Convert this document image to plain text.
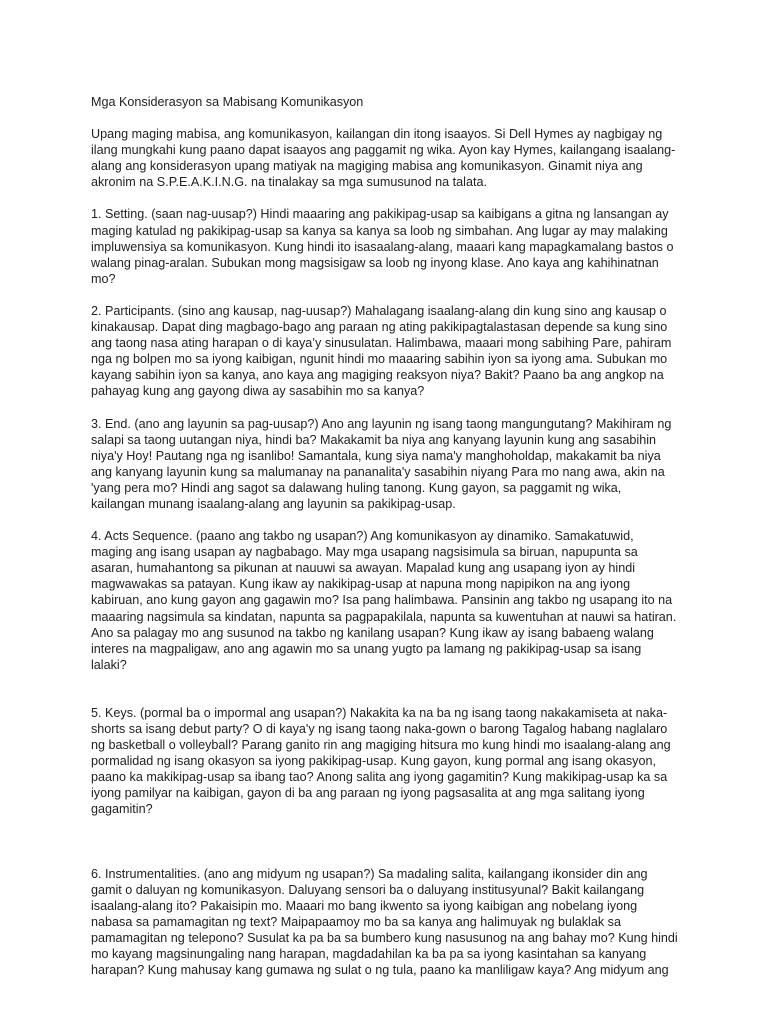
Mga Konsiderasyon sa Mabisang Komunikasyon

Upang maging mabisa, ang komunikasyon, kailangan din itong isaayos. Si Dell Hymes ay nagbigay ng ilang mungkahi kung paano dapat isaayos ang paggamit ng wika. Ayon kay Hymes, kailangang isaalang-alang ang konsiderasyon upang matiyak na magiging mabisa ang komunikasyon. Ginamit niya ang akronim na S.P.E.A.K.I.N.G. na tinalakay sa mga sumusunod na talata.

1. Setting. (saan nag-uusap?) Hindi maaaring ang pakikipag-usap sa kaibigans a gitna ng lansangan ay maging katulad ng pakikipag-usap sa kanya sa kanya sa loob ng simbahan. Ang lugar ay may malaking impluwensiya sa komunikasyon. Kung hindi ito isasaalang-alang, maaari kang mapagkamalang bastos o walang pinag-aralan. Subukan mong magsisigaw sa loob ng inyong klase. Ano kaya ang kahihinatnan mo?

2. Participants. (sino ang kausap, nag-uusap?) Mahalagang isaalang-alang din kung sino ang kausap o kinakausap. Dapat ding magbago-bago ang paraan ng ating pakikipagtalastasan depende sa kung sino ang taong nasa ating harapan o di kaya’y sinusulatan. Halimbawa, maaari mong sabihing Pare, pahiram nga ng bolpen mo sa iyong kaibigan, ngunit hindi mo maaaring sabihin iyon sa iyong ama. Subukan mo kayang sabihin iyon sa kanya, ano kaya ang magiging reaksyon niya? Bakit? Paano ba ang angkop na pahayag kung ang gayong diwa ay sasabihin mo sa kanya?

3. End. (ano ang layunin sa pag-uusap?) Ano ang layunin ng isang taong mangungutang? Makihiram ng salapi sa taong uutangan niya, hindi ba? Makakamit ba niya ang kanyang layunin kung ang sasabihin niya'y Hoy! Pautang nga ng isanlibo! Samantala, kung siya nama'y manghoholdap, makakamit ba niya ang kanyang layunin kung sa malumanay na pananalita'y sasabihin niyang Para mo nang awa, akin na 'yang pera mo? Hindi ang sagot sa dalawang huling tanong. Kung gayon, sa paggamit ng wika, kailangan munang isaalang-alang ang layunin sa pakikipag-usap.

4. Acts Sequence. (paano ang takbo ng usapan?) Ang komunikasyon ay dinamiko. Samakatuwid, maging ang isang usapan ay nagbabago. May mga usapang nagsisimula sa biruan, napupunta sa asaran, humahantong sa pikunan at nauuwi sa awayan. Mapalad kung ang usapang iyon ay hindi magwawakas sa patayan. Kung ikaw ay nakikipag-usap at napuna mong napipikon na ang iyong kabiruan, ano kung gayon ang gagawin mo? Isa pang halimbawa. Pansinin ang takbo ng usapang ito na maaaring nagsimula sa kindatan, napunta sa pagpapakilala, napunta sa kuwentuhan at nauwi sa hatiran. Ano sa palagay mo ang susunod na takbo ng kanilang usapan? Kung ikaw ay isang babaeng walang interes na magpaligaw, ano ang agawin mo sa unang yugto pa lamang ng pakikipag-usap sa isang lalaki?

5. Keys. (pormal ba o impormal ang usapan?) Nakakita ka na ba ng isang taong nakakamiseta at naka-shorts sa isang debut party? O di kaya'y ng isang taong naka-gown o barong Tagalog habang naglalaro ng basketball o volleyball? Parang ganito rin ang magiging hitsura mo kung hindi mo isaalang-alang ang pormalidad ng isang okasyon sa iyong pakikipag-usap. Kung gayon, kung pormal ang isang okasyon, paano ka makikipag-usap sa ibang tao? Anong salita ang iyong gagamitin? Kung makikipag-usap ka sa iyong pamilyar na kaibigan, gayon di ba ang paraan ng iyong pagsasalita at ang mga salitang iyong gagamitin?

6. Instrumentalities. (ano ang midyum ng usapan?) Sa madaling salita, kailangang ikonsider din ang gamit o daluyan ng komunikasyon. Daluyang sensori ba o daluyang institusyunal? Bakit kailangang isaalang-alang ito? Pakaisipin mo. Maaari mo bang ikwento sa iyong kaibigan ang nobelang iyong nabasa sa pamamagitan ng text? Maipapaamoy mo ba sa kanya ang halimuyak ng bulaklak sa pamamagitan ng telepono? Susulat ka pa ba sa bumbero kung nasusunog na ang bahay mo? Kung hindi mo kayang magsinungaling nang harapan, magdadahilan ka ba pa sa iyong kasintahan sa kanyang harapan? Kung mahusay kang gumawa ng sulat o ng tula, paano ka manliligaw kaya? Ang midyum ang
